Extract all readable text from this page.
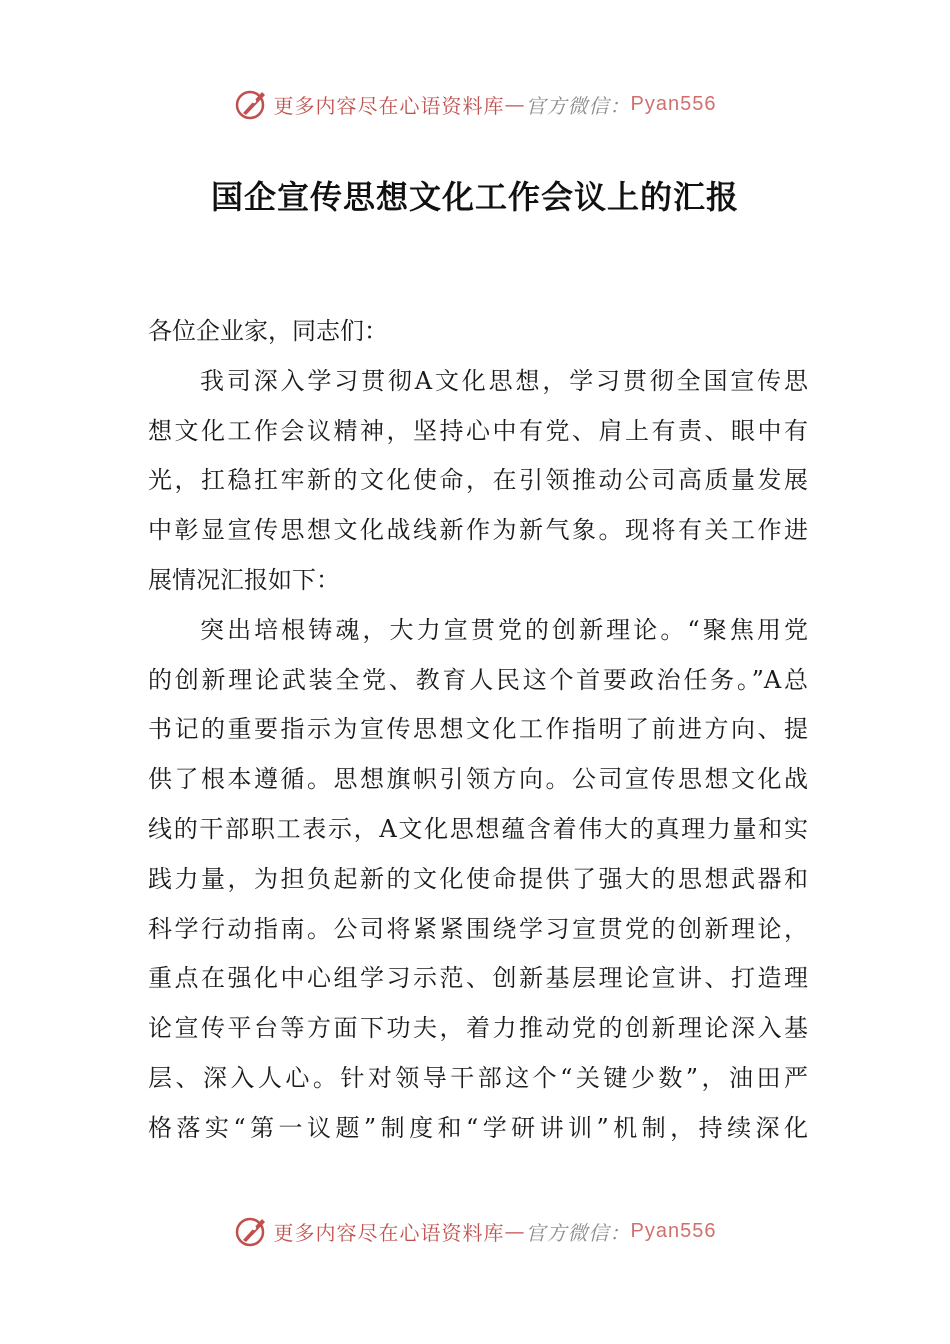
更多内容尽在心语资料库 — 官方微信： Pyan556
国企宣传思想文化工作会议上的汇报
各位企业家，同志们：
我司深入学习贯彻A文化思想，学习贯彻全国宣传思
想文化工作会议精神，坚持心中有党、肩上有责、眼中有
光，扛稳扛牢新的文化使命，在引领推动公司高质量发展
中彰显宣传思想文化战线新作为新气象。现将有关工作进
展情况汇报如下：
突出培根铸魂，大力宣贯党的创新理论。“聚焦用党
的创新理论武装全党、教育人民这个首要政治任务。”A总
书记的重要指示为宣传思想文化工作指明了前进方向、提
供了根本遵循。思想旗帜引领方向。公司宣传思想文化战
线的干部职工表示，A文化思想蕴含着伟大的真理力量和实
践力量，为担负起新的文化使命提供了强大的思想武器和
科学行动指南。公司将紧紧围绕学习宣贯党的创新理论，
重点在强化中心组学习示范、创新基层理论宣讲、打造理
论宣传平台等方面下功夫，着力推动党的创新理论深入基
层、深入人心。针对领导干部这个“关键少数”，油田严
格落实“第一议题”制度和“学研讲训”机制，持续深化
更多内容尽在心语资料库 — 官方微信： Pyan556
